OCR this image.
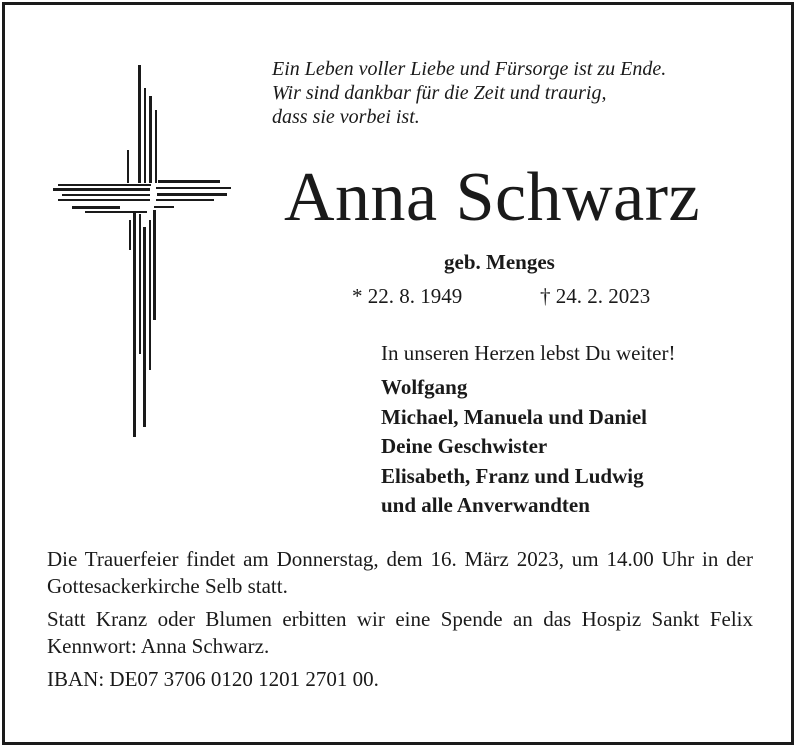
Ein Leben voller Liebe und Fürsorge ist zu Ende.
Wir sind dankbar für die Zeit und traurig,
dass sie vorbei ist.
Anna Schwarz
geb. Menges
* 22. 8. 1949	† 24. 2. 2023
In unseren Herzen lebst Du weiter!
Wolfgang
Michael, Manuela und Daniel
Deine Geschwister
Elisabeth, Franz und Ludwig
und alle Anverwandten
Die Trauerfeier findet am Donnerstag, dem 16. März 2023, um 14.00 Uhr in der Gottesackerkirche Selb statt.
Statt Kranz oder Blumen erbitten wir eine Spende an das Hospiz Sankt Felix Kennwort: Anna Schwarz.
IBAN: DE07 3706 0120 1201 2701 00.
